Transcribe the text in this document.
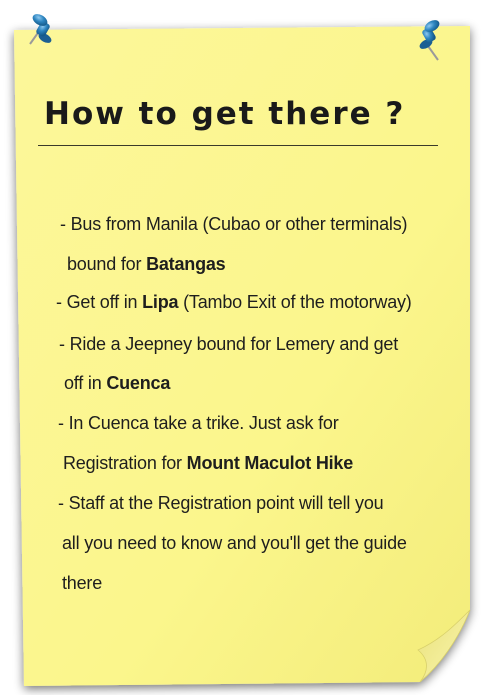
How to get there ?

- Bus from Manila (Cubao or other terminals)

bound for Batangas

- Get off in Lipa (Tambo Exit of the motorway)

- Ride a Jeepney bound for Lemery and get

off in Cuenca

- In Cuenca take a trike. Just ask for

Registration for Mount Maculot Hike

- Staff at the Registration point will tell you

all you need to know and you'll get the guide

there
